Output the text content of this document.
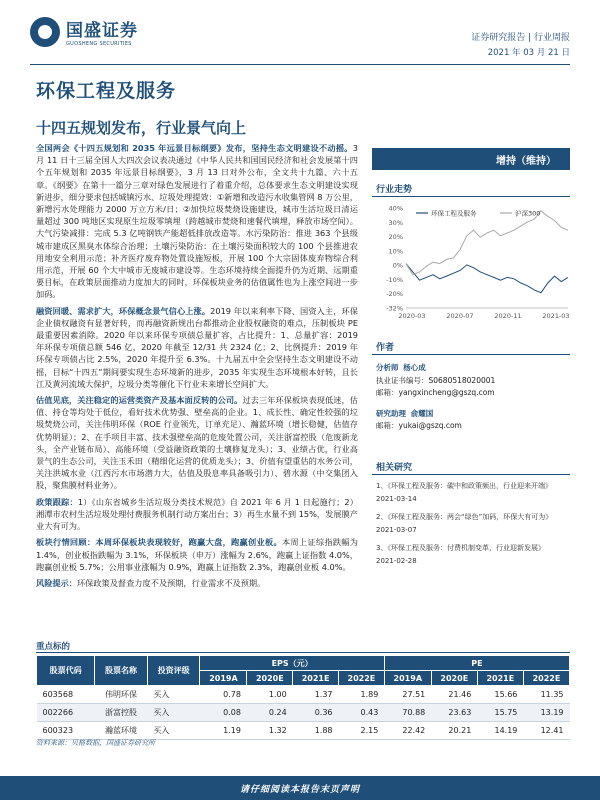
国盛证券
GUOSHENG SECURITIES
证券研究报告 | 行业周报
2021 年 03 月 21 日
环保工程及服务
十四五规划发布，行业景气向上

全国两会《十四五规划和 2035 年远景目标纲要》发布，坚持生态文明建设不动摇。3 月 11 日十三届全国人大四次会议表决通过《中华人民共和国国民经济和社会发展第十四个五年规划和 2035 年远景目标纲要》，3 月 13 日对外公布，全文共十九篇、六十五章。《纲要》在第十一篇分三章对绿色发展进行了着重介绍，总体要求生态文明建设实现新进步，细分要求包括城镇污水、垃圾处理提效：①新增和改造污水收集管网 8 万公里，新增污水处理能力 2000 万立方米/日；②加快垃圾焚烧设施建设，城市生活垃圾日清运量超过 300 吨地区实现原生垃圾零填埋（跨越城市焚烧和速餐代填埋，释放市场空间）。大气污染减排：完成 5.3 亿吨钢铁产能超低排放改造等。水污染防治：推进 363 个县级城市建成区黑臭水体综合治理；土壤污染防治：在土壤污染面积较大的 100 个县推进农用地安全利用示范；补齐医疗废弃物处置设施短板，开展 100 个大宗固体废弃物综合利用示范，开展 60 个大中城市无废城市建设等。生态环境持续全面提升仍为近期、远期重要目标，在政策层面推动力度加大的同时，环保板块业务的估值属性也为上涨空间进一步加码。

融资回暖、需求扩大，环保概念景气信心上涨。2019 年以来利率下降、国资入主，环保企业债权融资有显著好转，而再融资新规出台都推动企业股权融资的难点，压制板块 PE 最重要因素消除。2020 年以来环保专项债总量扩容，占比提升：1、总量扩容：2019 年环保专项债总额 546 亿，2020 年截至 12/31 共 2324 亿；2、比例提升：2019 年环保专项债占比 2.5%，2020 年提升至 6.3%。十九届五中全会坚持生态文明建设不动摇，目标“十四五”期间要实现生态环境新的进步，2035 年实现生态环境根本好转，且长江及黄河流域大保护，垃圾分类等催化下行业未来增长空间扩大。

估值见底，关注稳定的运营类资产及基本面反转的公司。过去三年环保板块表现低迷，估值、持仓等均处于低位，看好技术优势强、壁垒高的企业。1、成长性、确定性较强的垃圾焚烧公司，关注伟明环保（ROE 行业领先，订单充足）、瀚蓝环境（增长稳健，估值存优势明显）；2、在手项目丰富、技术强壁垒高的危废处置公司，关注浙富控股（危废新龙头，全产业链布局）、高能环境（受益融资政策的土壤修复龙头）；3、业绩占优，行业高景气的生态公司，关注玉禾田（精细化运营的优质龙头）；3、价值有望重估的水务公司，关注洪城水业（江西污水市场潜力大，估值及股息率具备吸引力）、碧水源（中交集团入股，聚焦膜材料业务）。

政策跟踪：1）《山东省城乡生活垃圾分类技术规范》自 2021 年 6 月 1 日起施行；2）湘潭市农村生活垃圾处理付费服务机制行动方案出台；3）再生水量不到 15%，发展膜产业大有可为。

板块行情回顾：本周环保板块表现较好，跑赢大盘，跑赢创业板。本周上证综指跌幅为 1.4%，创业板指跌幅为 3.1%，环保板块（申万）涨幅为 2.6%，跑赢上证指数 4.0%，跑赢创业板 5.7%；公用事业涨幅为 0.9%，跑赢上证指数 2.3%，跑赢创业板 4.0%。

风险提示：环保政策及督查力度不及预期，行业需求不及预期。

增持（维持）
行业走势
40%
30%
20%
10%
0%
-10%
-20%
-32%
2020-03	2020-07	2020-11	2021-03
环保工程及服务	沪深300
作者
分析师 杨心成
执业证书编号：S0680518020001
邮箱：yangxincheng@gszq.com
研究助理 俞耀国
邮箱：yukai@gszq.com
相关研究
1、《环保工程及服务：碳中和政策频出，行业迎来开端》
2021-03-14
2、《环保工程及服务：两会“绿色”加码，环保大有可为》
2021-03-07
3、《环保工程及服务：付费机制变革，行业迎新发展》
2021-02-28
重点标的
股票代码	股票名称	投资评级	EPS（元）				PE			
			2019A	2020E	2021E	2022E	2019A	2020E	2021E	2022E
603568	伟明环保	买入	0.78	1.00	1.37	1.89	27.51	21.46	15.66	11.35
002266	浙富控股	买入	0.08	0.24	0.36	0.43	70.88	23.63	15.75	13.19
600323	瀚蓝环境	买入	1.19	1.32	1.88	2.15	22.42	20.21	14.19	12.41
资料来源：贝格数据，国盛证券研究所
请仔细阅读本报告末页声明
